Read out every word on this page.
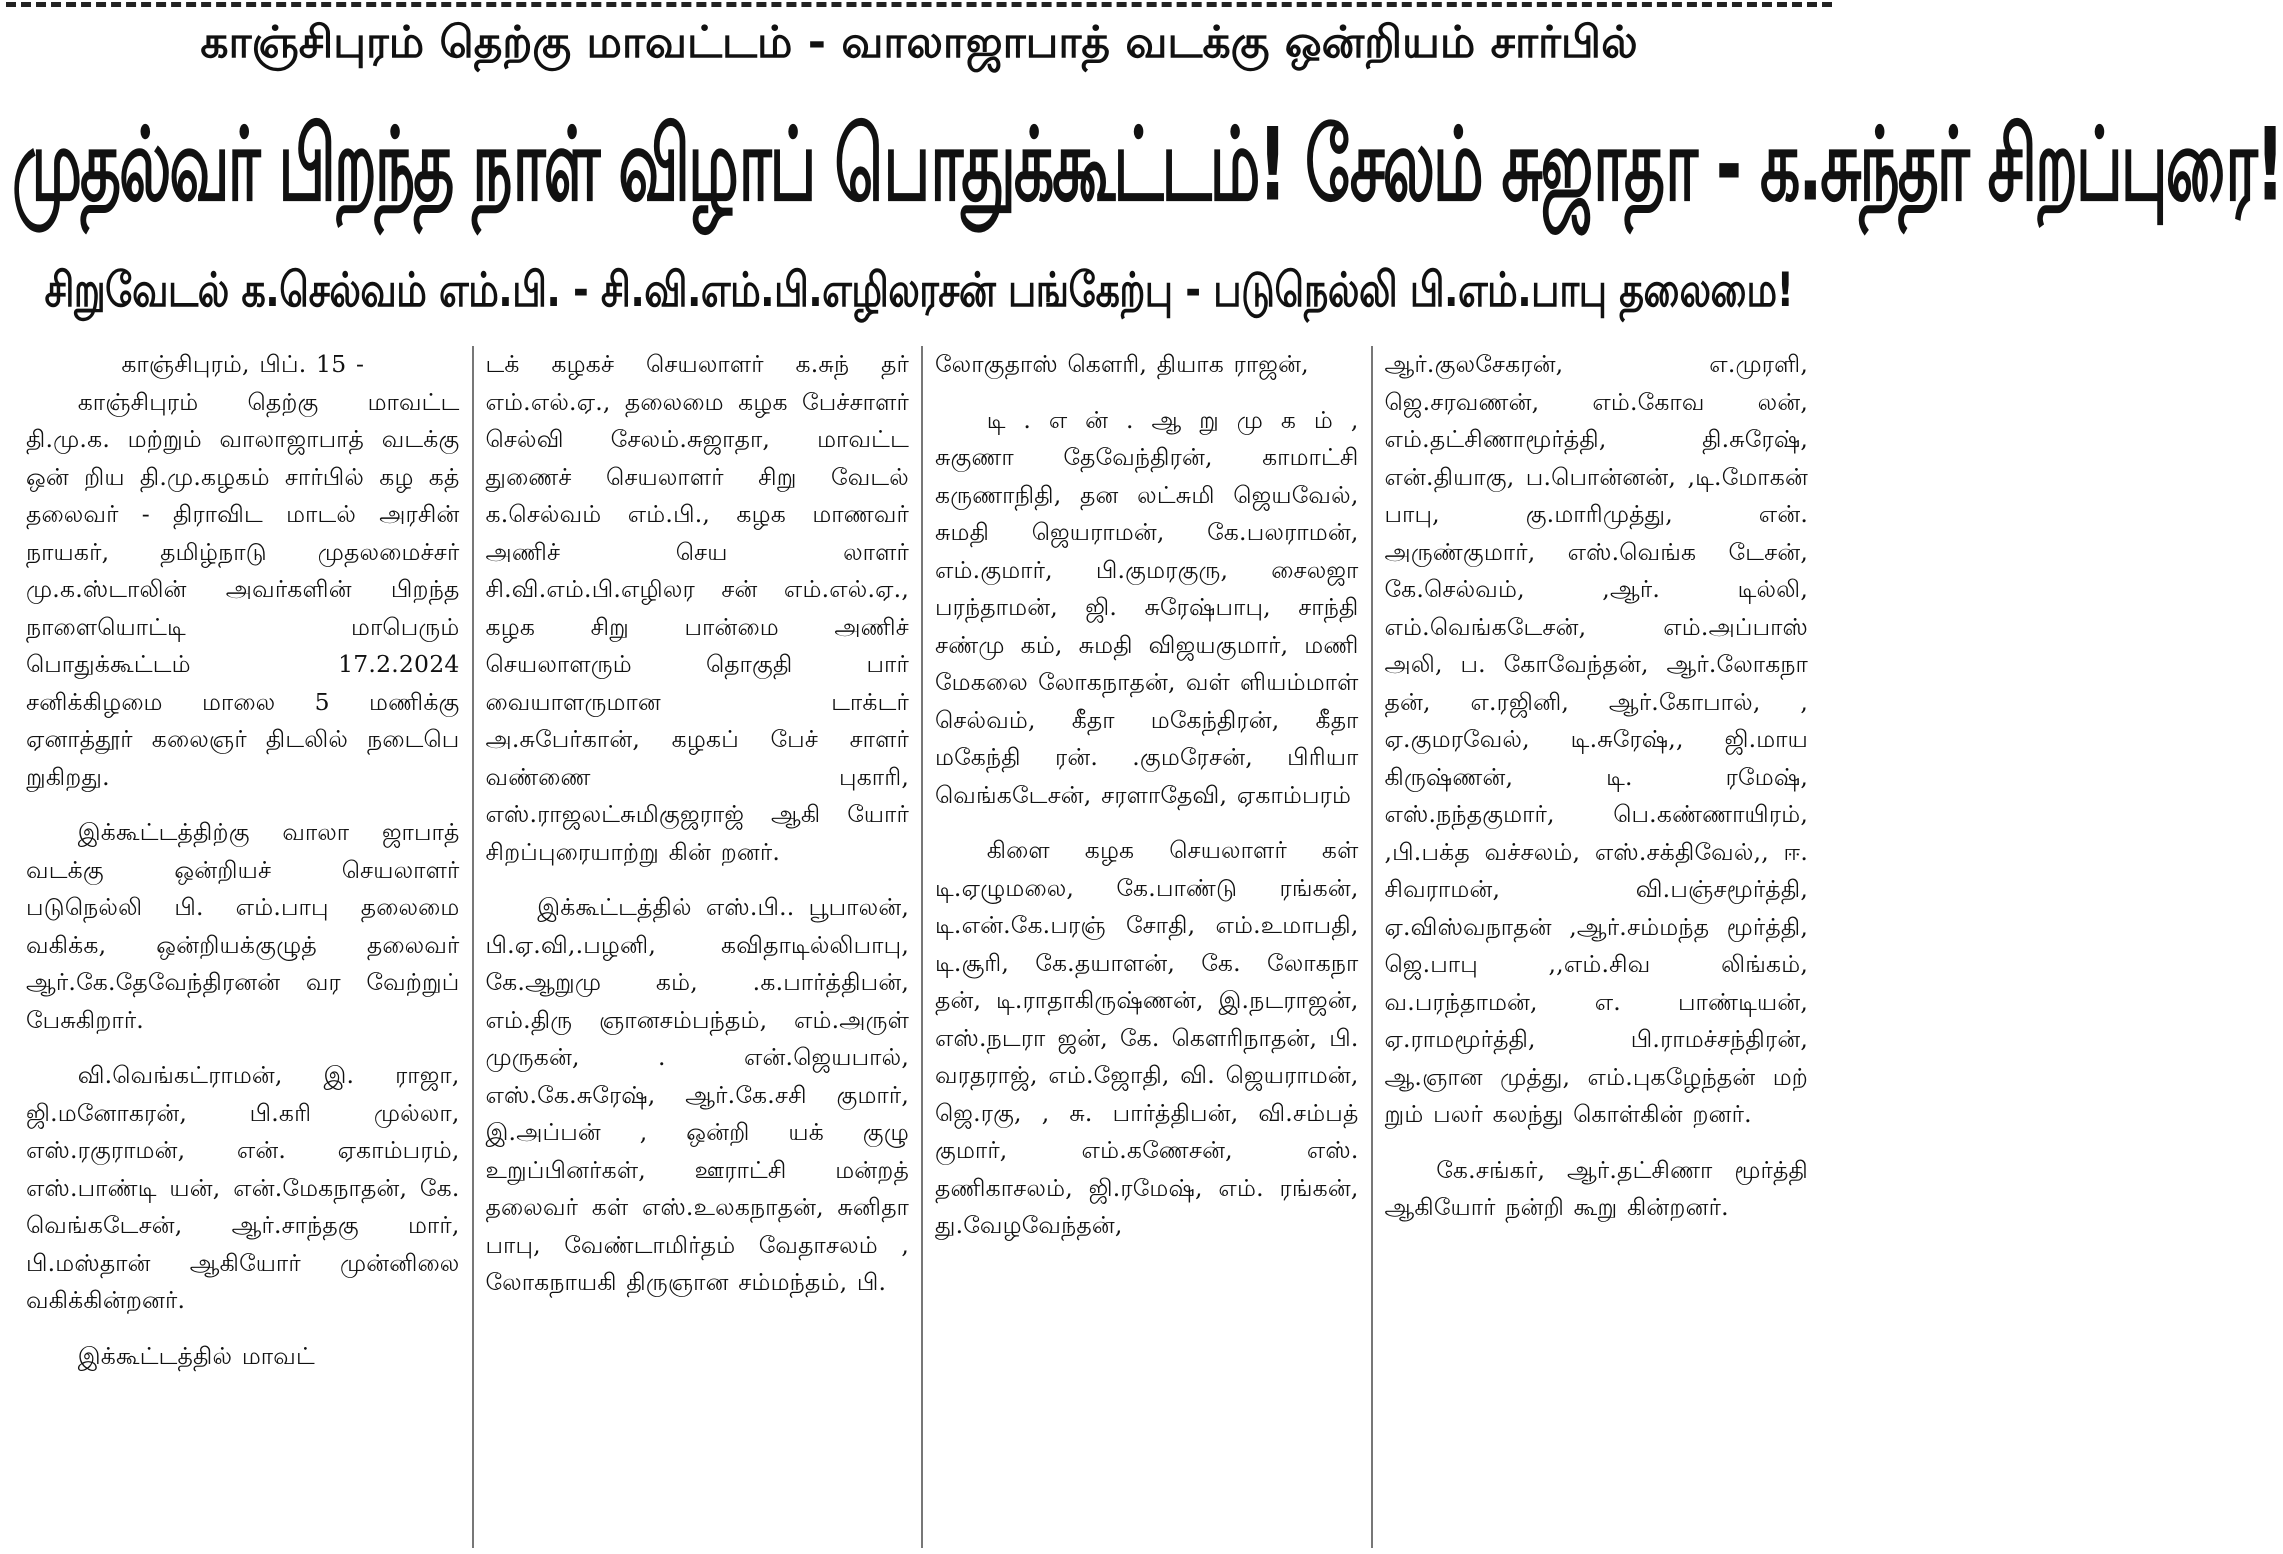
காஞ்சிபுரம் தெற்கு மாவட்டம் - வாலாஜாபாத் வடக்கு ஒன்றியம் சார்பில்
முதல்வர் பிறந்த நாள் விழாப் பொதுக்கூட்டம்! சேலம் சுஜாதா - க.சுந்தர் சிறப்புரை!
சிறுவேடல் க.செல்வம் எம்.பி. - சி.வி.எம்.பி.எழிலரசன் பங்கேற்பு - படுநெல்லி பி.எம்.பாபு தலைமை!

காஞ்சிபுரம், பிப். 15 -

காஞ்சிபுரம் தெற்கு மாவட்ட தி.மு.க. மற்றும் வாலாஜாபாத் வடக்கு ஒன் றிய தி.மு.கழகம் சார்பில் கழ கத் தலைவர் - திராவிட மாடல் அரசின் நாயகர், தமிழ்நாடு முதலமைச்சர் மு.க.ஸ்டாலின் அவர்களின் பிறந்த நாளையொட்டி மாபெரும் பொதுக்கூட்டம் 17.2.2024 சனிக்கிழமை மாலை 5 மணிக்கு ஏனாத்தூர் கலைஞர் திடலில் நடைபெ றுகிறது.

இக்கூட்டத்திற்கு வாலா ஜாபாத் வடக்கு ஒன்றியச் செயலாளர் படுநெல்லி பி. எம்.பாபு தலைமை வகிக்க, ஒன்றியக்குழுத் தலைவர் ஆர்.கே.தேவேந்திரனன் வர வேற்றுப் பேசுகிறார்.

வி.வெங்கட்ராமன், இ. ராஜா, ஜி.மனோகரன், பி.கரி முல்லா, எஸ்.ரகுராமன், என். ஏகாம்பரம், எஸ்.பாண்டி யன், என்.மேகநாதன், கே. வெங்கடேசன், ஆர்.சாந்தகு மார், பி.மஸ்தான் ஆகியோர் முன்னிலை வகிக்கின்றனர்.

இக்கூட்டத்தில் மாவட்

டக் கழகச் செயலாளர் க.சுந் தர் எம்.எல்.ஏ., தலைமை கழக பேச்சாளர் செல்வி சேலம்.சுஜாதா, மாவட்ட துணைச் செயலாளர் சிறு வேடல் க.செல்வம் எம்.பி., கழக மாணவர் அணிச் செய லாளர் சி.வி.எம்.பி.எழிலர சன் எம்.எல்.ஏ., கழக சிறு பான்மை அணிச் செயலாளரும் தொகுதி பார் வையாளருமான டாக்டர் அ.சுபேர்கான், கழகப் பேச் சாளர் வண்ணை புகாரி, எஸ்.ராஜலட்சுமிகுஜராஜ் ஆகி யோர் சிறப்புரையாற்று கின் றனர்.

இக்கூட்டத்தில் எஸ்.பி.. பூபாலன், பி.ஏ.வி,.பழனி, கவிதாடில்லிபாபு, கே.ஆறுமு கம், .க.பார்த்திபன், எம்.திரு ஞானசம்பந்தம், எம்.அருள் முருகன், . என்.ஜெயபால், எஸ்.கே.சுரேஷ், ஆர்.கே.சசி குமார், இ.அப்பன் , ஒன்றி யக் குழு உறுப்பினர்கள், ஊராட்சி மன்றத் தலைவர் கள் எஸ்.உலகநாதன், சுனிதா பாபு, வேண்டாமிர்தம் வேதாசலம் , லோகநாயகி திருஞான சம்மந்தம், பி.

லோகுதாஸ் கௌரி, தியாக ராஜன்,

டி . எ ன் . ஆ று மு க ம் , சுகுணா தேவேந்திரன், காமாட்சி கருணாநிதி, தன லட்சுமி ஜெயவேல், சுமதி ஜெயராமன், கே.பலராமன், எம்.குமார், பி.குமரகுரு, சைலஜா பரந்தாமன், ஜி. சுரேஷ்பாபு, சாந்தி சண்மு கம், சுமதி விஜயகுமார், மணி மேகலை லோகநாதன், வள் ளியம்மாள் செல்வம், கீதா மகேந்திரன், கீதா மகேந்தி ரன். .குமரேசன், பிரியா வெங்கடேசன், சரளாதேவி, ஏகாம்பரம்

கிளை கழக செயலாளர் கள் டி.ஏழுமலை, கே.பாண்டு ரங்கன், டி.என்.கே.பரஞ் சோதி, எம்.உமாபதி, டி.சூரி, கே.தயாளன், கே. லோகநா தன், டி.ராதாகிருஷ்ணன், இ.நடராஜன், எஸ்.நடரா ஜன், கே. கௌரிநாதன், பி. வரதராஜ், எம்.ஜோதி, வி. ஜெயராமன், ஜெ.ரகு, , சு. பார்த்திபன், வி.சம்பத் குமார், எம்.கணேசன், எஸ். தணிகாசலம், ஜி.ரமேஷ், எம். ரங்கன், து.வேழவேந்தன்,

ஆர்.குலசேகரன், எ.முரளி, ஜெ.சரவணன், எம்.கோவ லன், எம்.தட்சிணாமூர்த்தி, தி.சுரேஷ், என்.தியாகு, ப.பொன்னன், ,டி.மோகன் பாபு, கு.மாரிமுத்து, என். அருண்குமார், எஸ்.வெங்க டேசன், கே.செல்வம், ,ஆர். டில்லி, எம்.வெங்கடேசன், எம்.அப்பாஸ் அலி, ப. கோவேந்தன், ஆர்.லோகநா தன், எ.ரஜினி, ஆர்.கோபால், , ஏ.குமரவேல், டி.சுரேஷ்,, ஜி.மாய கிருஷ்ணன், டி. ரமேஷ், எஸ்.நந்தகுமார், பெ.கண்ணாயிரம், ,பி.பக்த வச்சலம், எஸ்.சக்திவேல்,, ஈ. சிவராமன், வி.பஞ்சமூர்த்தி, ஏ.விஸ்வநாதன் ,ஆர்.சம்மந்த மூர்த்தி, ஜெ.பாபு ,,எம்.சிவ லிங்கம், வ.பரந்தாமன், எ. பாண்டியன், ஏ.ராமமூர்த்தி, பி.ராமச்சந்திரன், ஆ.ஞான முத்து, எம்.புகழேந்தன் மற் றும் பலர் கலந்து கொள்கின் றனர்.

கே.சங்கர், ஆர்.தட்சிணா மூர்த்தி ஆகியோர் நன்றி கூறு கின்றனர்.
